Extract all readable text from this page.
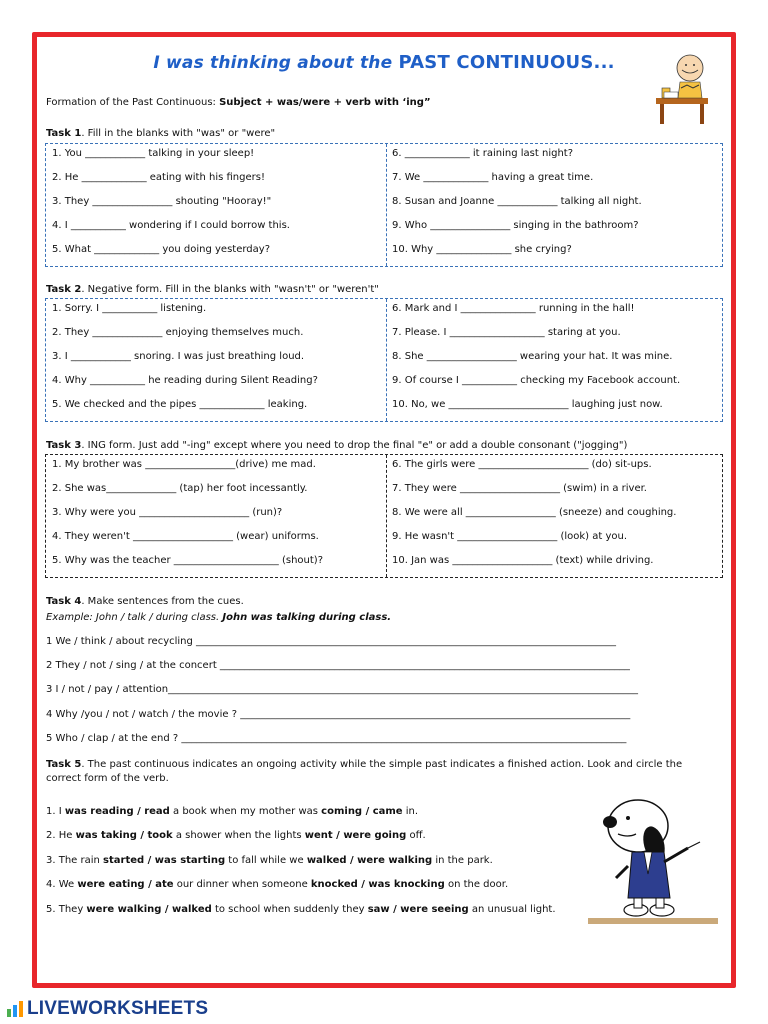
I was thinking about the PAST CONTINUOUS...
Formation of the Past Continuous: Subject + was/were + verb with ‘ing”
Task 1. Fill in the blanks with "was" or "were"
1. You ____________ talking in your sleep!
2. He _____________ eating with his fingers!
3. They ________________ shouting "Hooray!"
4. I ___________ wondering if I could borrow this.
5. What _____________ you doing yesterday?
6. _____________ it raining last night?
7. We _____________ having a great time.
8. Susan and Joanne ____________ talking all night.
9. Who ________________ singing in the bathroom?
10. Why _______________ she crying?
Task 2. Negative form. Fill in the blanks with "wasn't" or "weren't"
1. Sorry. I ___________ listening.
2. They ______________ enjoying themselves much.
3. I ____________ snoring. I was just breathing loud.
4. Why ___________ he reading during Silent Reading?
5. We checked and the pipes _____________ leaking.
6. Mark and I _______________ running in the hall!
7. Please. I ___________________ staring at you.
8. She __________________ wearing your hat. It was mine.
9. Of course I ___________ checking my Facebook account.
10. No, we ________________________ laughing just now.
Task 3. ING form. Just add "-ing" except where you need to drop the final "e" or add a double consonant ("jogging")
1. My brother was __________________(drive) me mad.
2. She was______________ (tap) her foot incessantly.
3. Why were you ______________________ (run)?
4. They weren't ____________________ (wear) uniforms.
5. Why was the teacher _____________________ (shout)?
6. The girls were ______________________ (do) sit-ups.
7. They were ____________________ (swim) in a river.
8. We were all __________________ (sneeze) and coughing.
9. He wasn't ____________________ (look) at you.
10. Jan was ____________________ (text) while driving.
Task 4. Make sentences from the cues.
Example: John / talk / during class. John was talking during class.
1 We / think / about recycling ____________________________________________________________________________________
2 They / not / sing / at the concert __________________________________________________________________________________
3 I / not / pay / attention______________________________________________________________________________________________
4 Why /you / not / watch / the movie ? ______________________________________________________________________________
5 Who / clap / at the end ? _________________________________________________________________________________________
Task 5. The past continuous indicates an ongoing activity while the simple past indicates a finished action. Look and circle the correct form of the verb.
1. I was reading / read a book when my mother was coming / came in.
2. He was taking / took a shower when the lights went / were going off.
3. The rain started / was starting to fall while we walked / were walking in the park.
4. We were eating / ate our dinner when someone knocked / was knocking on the door.
5. They were walking / walked to school when suddenly they saw / were seeing an unusual light.
LIVEWORKSHEETS
